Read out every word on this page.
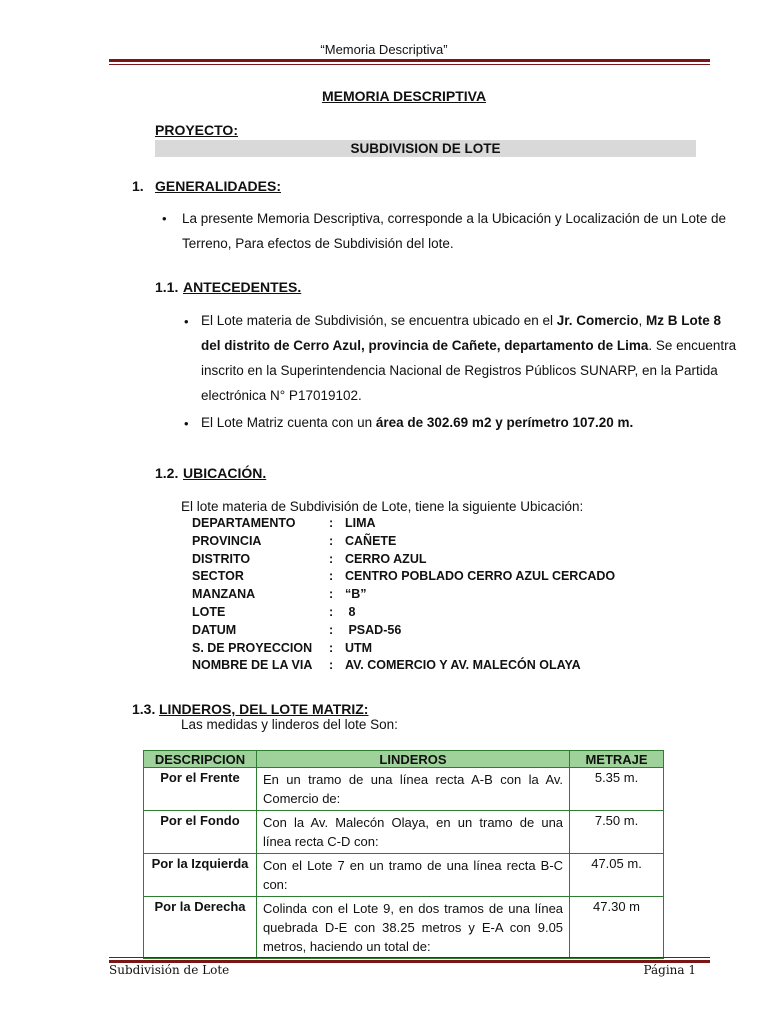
“Memoria Descriptiva”
MEMORIA DESCRIPTIVA
PROYECTO:
SUBDIVISION DE LOTE
1. GENERALIDADES:
• La presente Memoria Descriptiva, corresponde a la Ubicación y Localización de un Lote de
Terreno, Para efectos de Subdivisión del lote.
1.1. ANTECEDENTES.
• El Lote materia de Subdivisión, se encuentra ubicado en el Jr. Comercio, Mz B Lote 8
del distrito de Cerro Azul, provincia de Cañete, departamento de Lima. Se encuentra
inscrito en la Superintendencia Nacional de Registros Públicos SUNARP, en la Partida
electrónica N° P17019102.
• El Lote Matriz cuenta con un área de 302.69 m2 y perímetro 107.20 m.
1.2. UBICACIÓN.
El lote materia de Subdivisión de Lote, tiene la siguiente Ubicación:
DEPARTAMENTO	:	LIMA
PROVINCIA	:	CAÑETE
DISTRITO	:	CERRO AZUL
SECTOR	:	CENTRO POBLADO CERRO AZUL CERCADO
MANZANA	:	“B”
LOTE	:	8
DATUM	:	PSAD-56
S. DE PROYECCION	:	UTM
NOMBRE DE LA VIA	:	AV. COMERCIO Y AV. MALECÓN OLAYA
1.3. LINDEROS, DEL LOTE MATRIZ:
Las medidas y linderos del lote Son:
DESCRIPCION	LINDEROS	METRAJE
Por el Frente	En un tramo de una línea recta A-B con la Av. Comercio de:	5.35 m.
Por el Fondo	Con la Av. Malecón Olaya, en un tramo de una línea recta C-D con:	7.50 m.
Por la Izquierda	Con el Lote 7 en un tramo de una línea recta B-C con:	47.05 m.
Por la Derecha	Colinda con el Lote 9, en dos tramos de una línea quebrada D-E con 38.25 metros y E-A con 9.05 metros, haciendo un total de:	47.30 m
Subdivisión de Lote	Página 1
